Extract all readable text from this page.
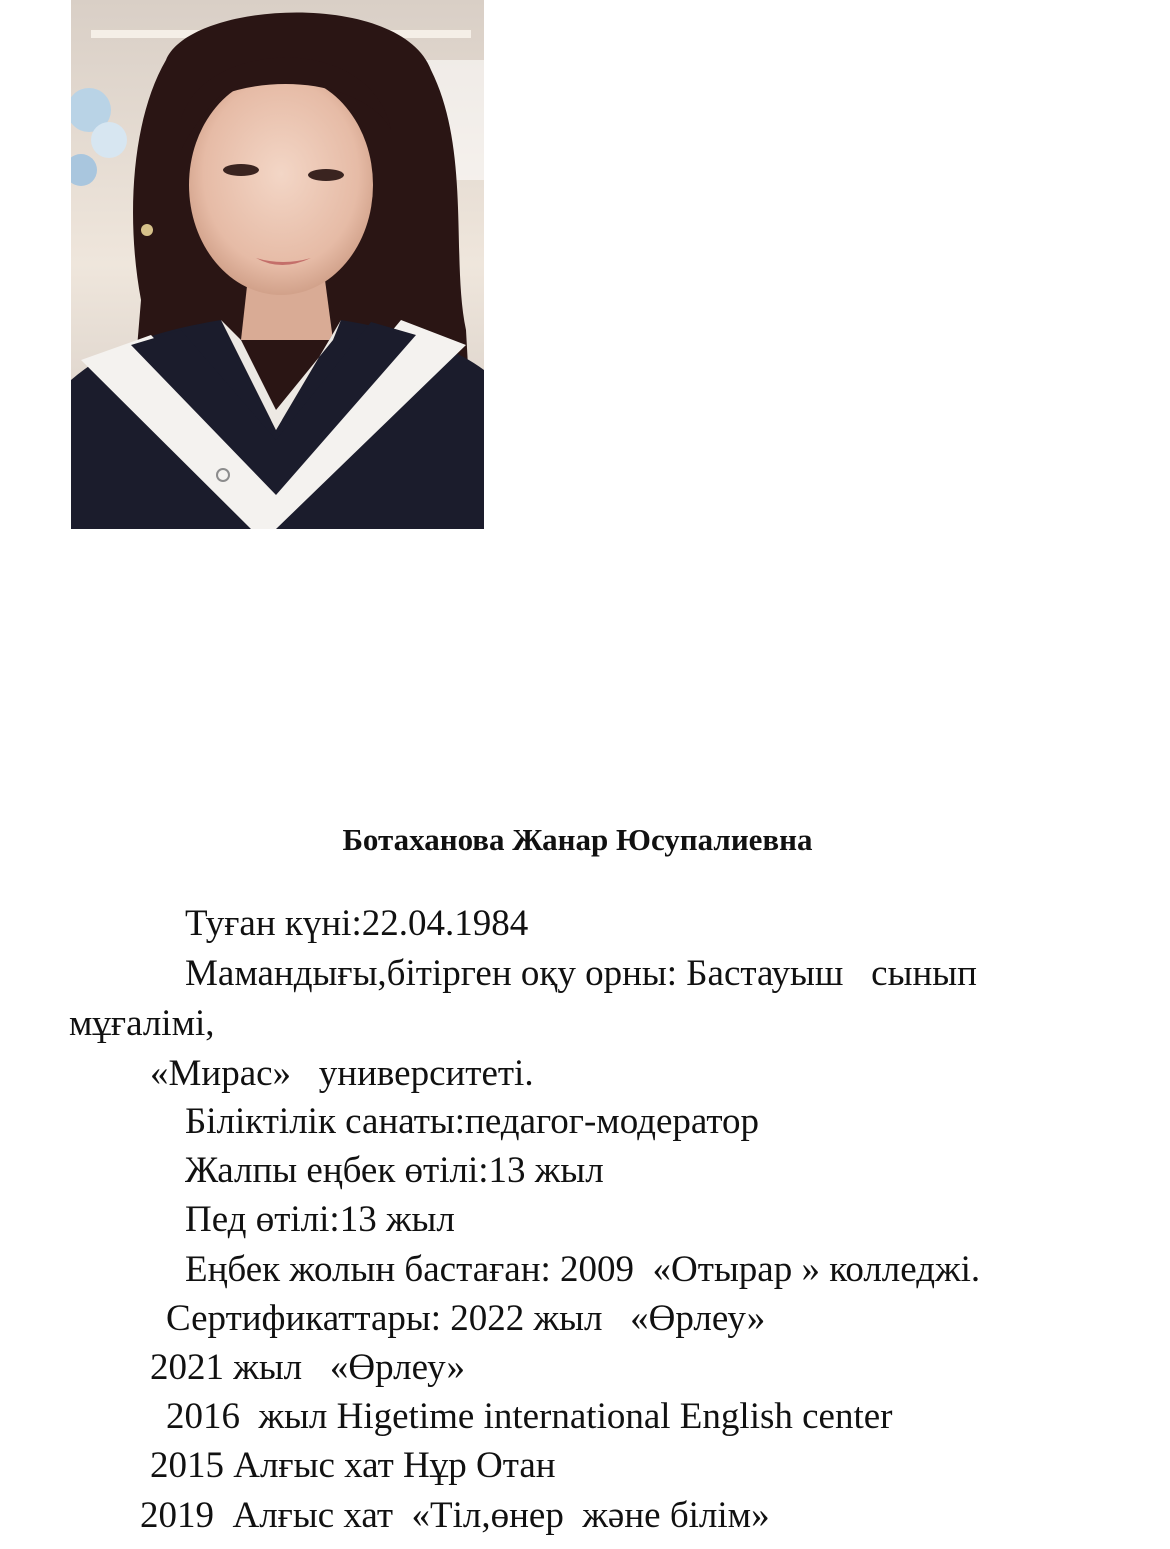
Ботаханова Жанар Юсупалиевна
Туған күні:22.04.1984
Мамандығы,бітірген оқу орны: Бастауыш   сынып
мұғалімі,
«Мирас»   университеті.
Біліктілік санаты:педагог-модератор
Жалпы еңбек өтілі:13 жыл
Пед өтілі:13 жыл
Еңбек жолын бастаған: 2009  «Отырар » колледжі.
Сертификаттары: 2022 жыл   «Өрлеу»
2021 жыл   «Өрлеу»
2016  жыл Higetime international English center
2015 Алғыс хат Нұр Отан
2019  Алғыс хат  «Тіл,өнер  және білім»
